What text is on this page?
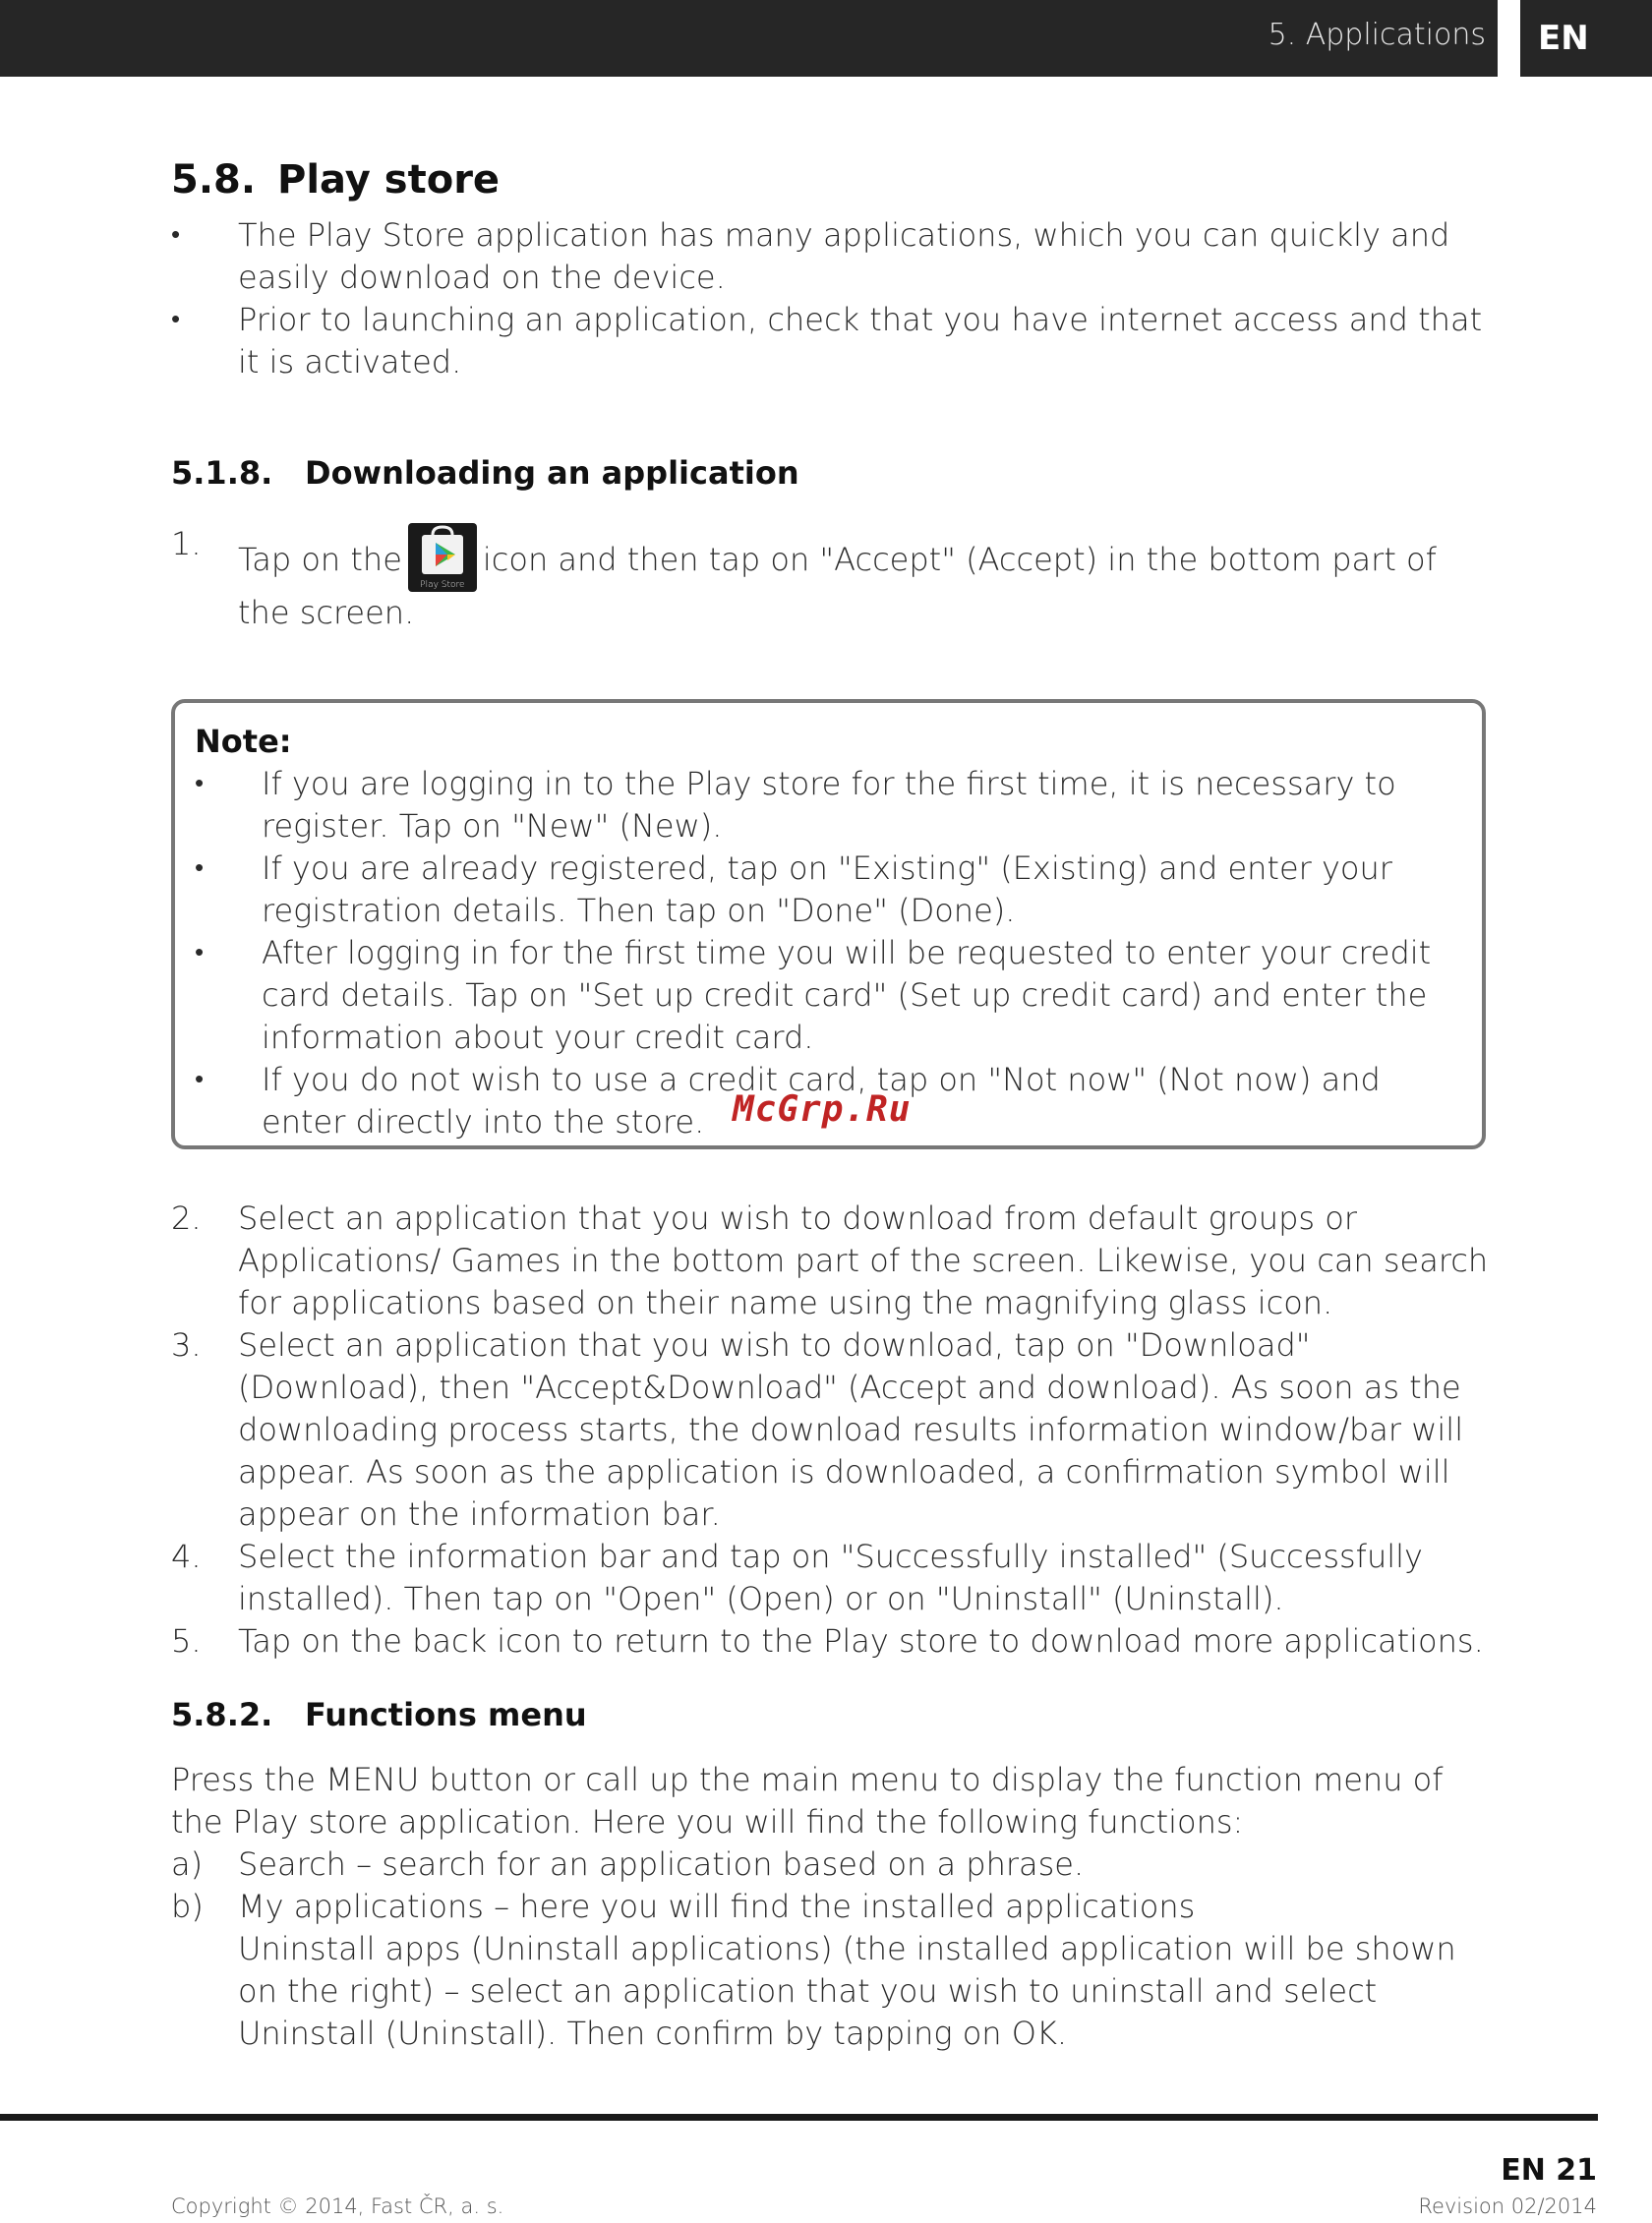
5. Applications	EN
5.8. Play store
• The Play Store application has many applications, which you can quickly and easily download on the device.
• Prior to launching an application, check that you have internet access and that it is activated.
5.1.8. Downloading an application
1. Tap on the
Play Store
icon and then tap on "Accept" (Accept) in the bottom part of the screen.
Note:
• If you are logging in to the Play store for the first time, it is necessary to register. Tap on "New" (New).
• If you are already registered, tap on "Existing" (Existing) and enter your registration details. Then tap on "Done" (Done).
• After logging in for the first time you will be requested to enter your credit card details. Tap on "Set up credit card" (Set up credit card) and enter the information about your credit card.
• If you do not wish to use a credit card, tap on "Not now" (Not now) and enter directly into the store. McGrp.Ru
2. Select an application that you wish to download from default groups or Applications/ Games in the bottom part of the screen. Likewise, you can search for applications based on their name using the magnifying glass icon.
3. Select an application that you wish to download, tap on "Download" (Download), then "Accept&Download" (Accept and download). As soon as the downloading process starts, the download results information window/bar will appear. As soon as the application is downloaded, a confirmation symbol will appear on the information bar.
4. Select the information bar and tap on "Successfully installed" (Successfully installed). Then tap on "Open" (Open) or on "Uninstall" (Uninstall).
5. Tap on the back icon to return to the Play store to download more applications.
5.8.2. Functions menu
Press the MENU button or call up the main menu to display the function menu of the Play store application. Here you will find the following functions:
a) Search – search for an application based on a phrase.
b) My applications – here you will find the installed applications
Uninstall apps (Uninstall applications) (the installed application will be shown on the right) – select an application that you wish to uninstall and select Uninstall (Uninstall). Then confirm by tapping on OK.
EN 21
Copyright © 2014, Fast ČR, a. s.	Revision 02/2014
